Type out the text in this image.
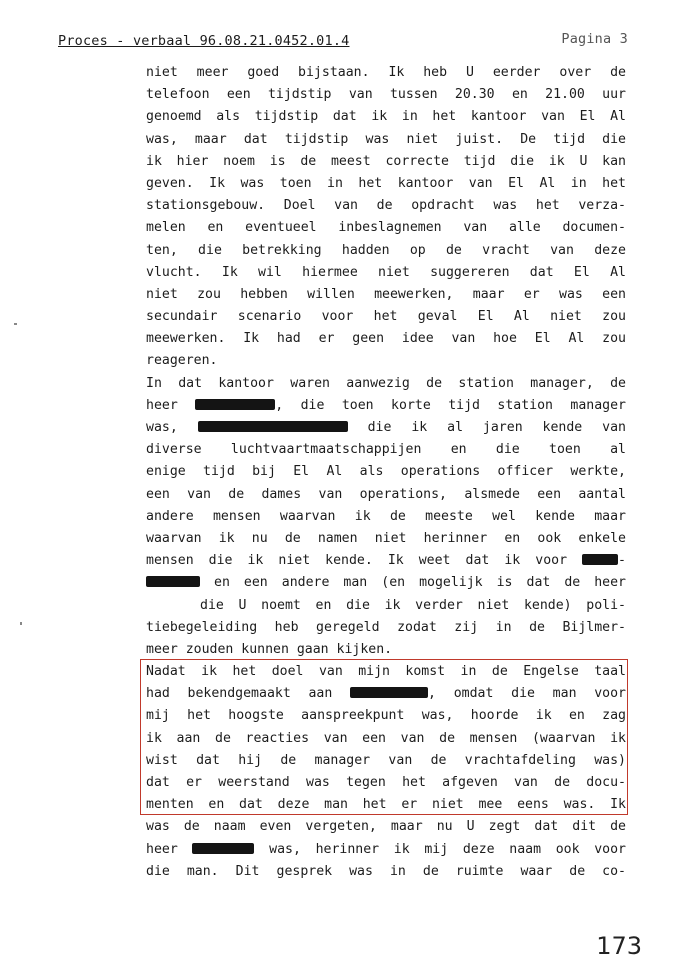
Proces - verbaal 96.08.21.0452.01.4	Pagina 3
niet meer goed bijstaan. Ik heb U eerder over de
telefoon een tijdstip van tussen 20.30 en 21.00 uur
genoemd als tijdstip dat ik in het kantoor van El Al
was, maar dat tijdstip was niet juist. De tijd die
ik hier noem is de meest correcte tijd die ik U kan
geven. Ik was toen in het kantoor van El Al in het
stationsgebouw. Doel van de opdracht was het verza-
melen en eventueel inbeslagnemen van alle documen-
ten, die betrekking hadden op de vracht van deze
vlucht. Ik wil hiermee niet suggereren dat El Al
niet zou hebben willen meewerken, maar er was een
secundair scenario voor het geval El Al niet zou
meewerken. Ik had er geen idee van hoe El Al zou
reageren.
In dat kantoor waren aanwezig de station manager, de
heer	, die toen korte tijd station manager
was,	die ik al jaren kende van
diverse luchtvaartmaatschappijen en die toen al
enige tijd bij El Al als operations officer werkte,
een van de dames van operations, alsmede een aantal
andere mensen waarvan ik de meeste wel kende maar
waarvan ik nu de namen niet herinner en ook enkele
mensen die ik niet kende. Ik weet dat ik voor	-
en een andere man (en mogelijk is dat de heer
die U noemt en die ik verder niet kende) poli-
tiebegeleiding heb geregeld zodat zij in de Bijlmer-
meer zouden kunnen gaan kijken.
Nadat ik het doel van mijn komst in de Engelse taal
had bekendgemaakt aan	, omdat die man voor
mij het hoogste aanspreekpunt was, hoorde ik en zag
ik aan de reacties van een van de mensen (waarvan ik
wist dat hij de manager van de vrachtafdeling was)
dat er weerstand was tegen het afgeven van de docu-
menten en dat deze man het er niet mee eens was. Ik
was de naam even vergeten, maar nu U zegt dat dit de
heer	was, herinner ik mij deze naam ook voor
die man. Dit gesprek was in de ruimte waar de co-
173
